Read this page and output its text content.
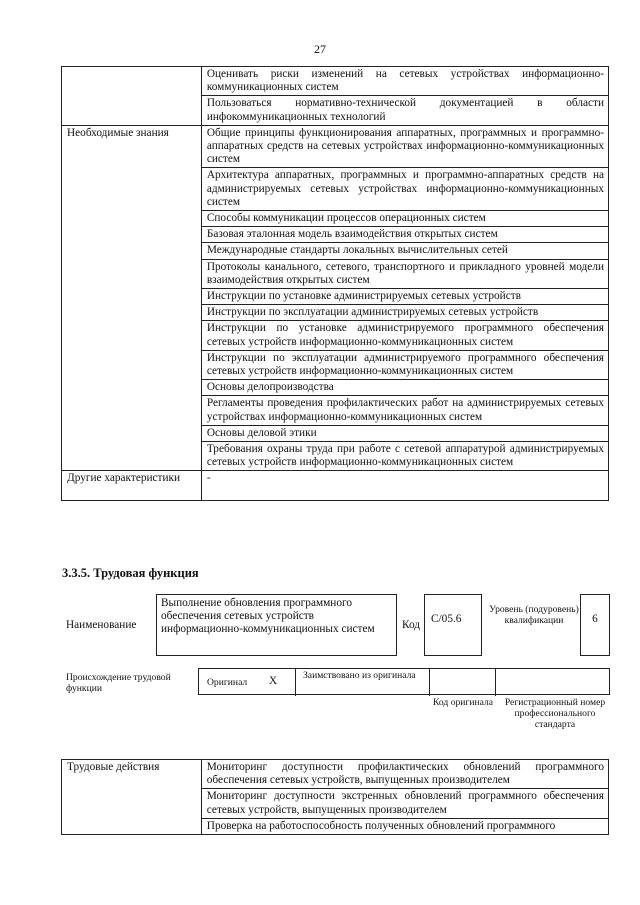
27
	Оценивать риски изменений на сетевых устройствах информационно-коммуникационных систем
	Пользоваться нормативно-технической документацией в области инфокоммуникационных технологий
Необходимые знания	Общие принципы функционирования аппаратных, программных и программно-аппаратных средств на сетевых устройствах информационно-коммуникационных систем
	Архитектура аппаратных, программных и программно-аппаратных средств на администрируемых сетевых устройствах информационно-коммуникационных систем
	Способы коммуникации процессов операционных систем
	Базовая эталонная модель взаимодействия открытых систем
	Международные стандарты локальных вычислительных сетей
	Протоколы канального, сетевого, транспортного и прикладного уровней модели взаимодействия открытых систем
	Инструкции по установке администрируемых сетевых устройств
	Инструкции по эксплуатации администрируемых сетевых устройств
	Инструкции по установке администрируемого программного обеспечения сетевых устройств информационно-коммуникационных систем
	Инструкции по эксплуатации администрируемого программного обеспечения сетевых устройств информационно-коммуникационных систем
	Основы делопроизводства
	Регламенты проведения профилактических работ на администрируемых сетевых устройствах информационно-коммуникационных систем
	Основы деловой этики
	Требования охраны труда при работе с сетевой аппаратурой администрируемых сетевых устройств информационно-коммуникационных систем
Другие характеристики	-
3.3.5. Трудовая функция
Наименование
Выполнение обновления программного обеспечения сетевых устройств информационно-коммуникационных систем	Код C/05.6
Уровень (подуровень) квалификации	6
Происхождение трудовой функции
Оригинал X	Заимствовано из оригинала
Код оригинала	Регистрационный номер профессионального стандарта
Трудовые действия	Мониторинг доступности профилактических обновлений программного обеспечения сетевых устройств, выпущенных производителем
Мониторинг доступности экстренных обновлений программного обеспечения сетевых устройств, выпущенных производителем
Проверка на работоспособность полученных обновлений программного
